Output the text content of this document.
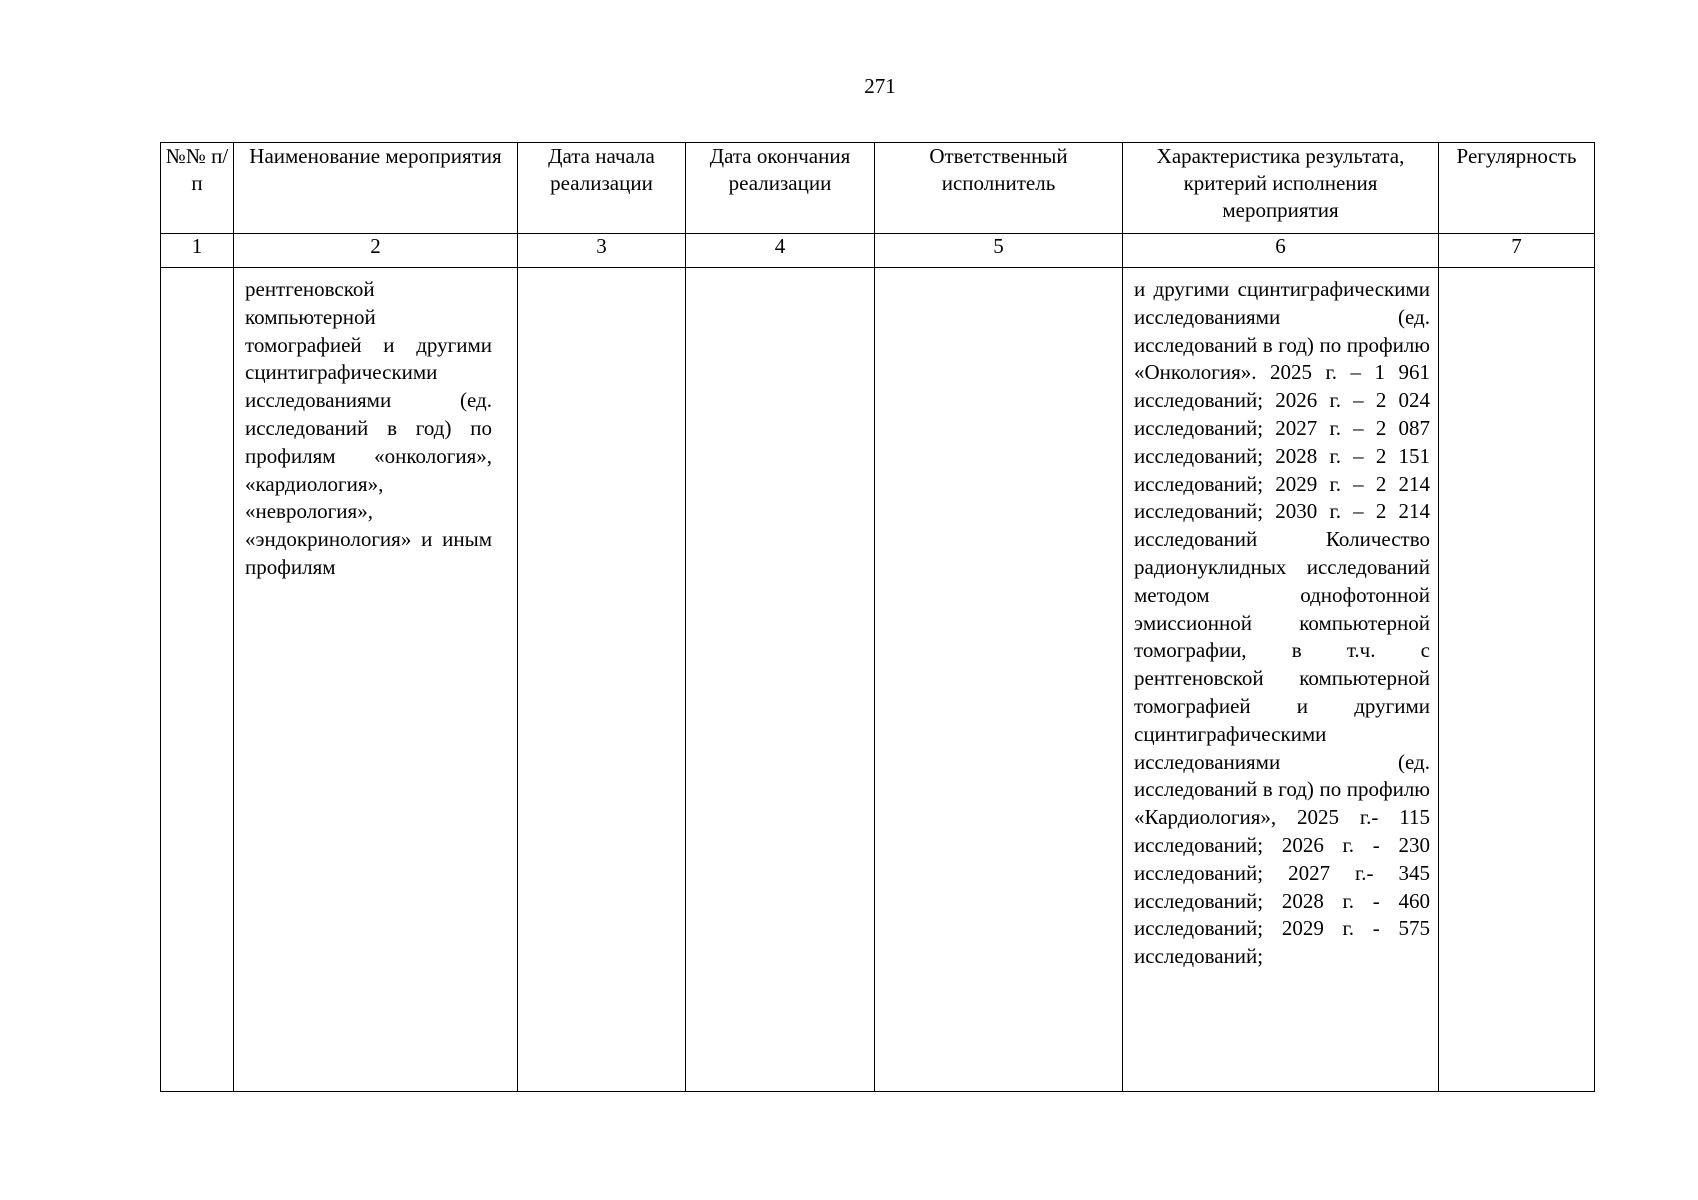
271
№№ п/п	Наименование мероприятия	Дата начала реализации	Дата окончания реализации	Ответственный исполнитель	Характеристика результата, критерий исполнения мероприятия	Регулярность
1	2	3	4	5	6	7

	рентгеновской компьютерной томографией и другими сцинтиграфическими исследованиями (ед. исследований в год) по профилям «онкология», «кардиология», «неврология», «эндокринология» и иным профилям				и другими сцинтиграфическими исследованиями (ед. исследований в год) по профилю «Онкология». 2025 г. – 1 961 исследований; 2026 г. – 2 024 исследований; 2027 г. – 2 087 исследований; 2028 г. – 2 151 исследований; 2029 г. – 2 214 исследований; 2030 г. – 2 214 исследований Количество радионуклидных исследований методом однофотонной эмиссионной компьютерной томографии, в т.ч. с рентгеновской компьютерной томографией и другими сцинтиграфическими исследованиями (ед. исследований в год) по профилю «Кардиология», 2025 г.- 115 исследований; 2026 г. - 230 исследований; 2027 г.- 345 исследований; 2028 г. - 460 исследований; 2029 г. - 575 исследований;	
